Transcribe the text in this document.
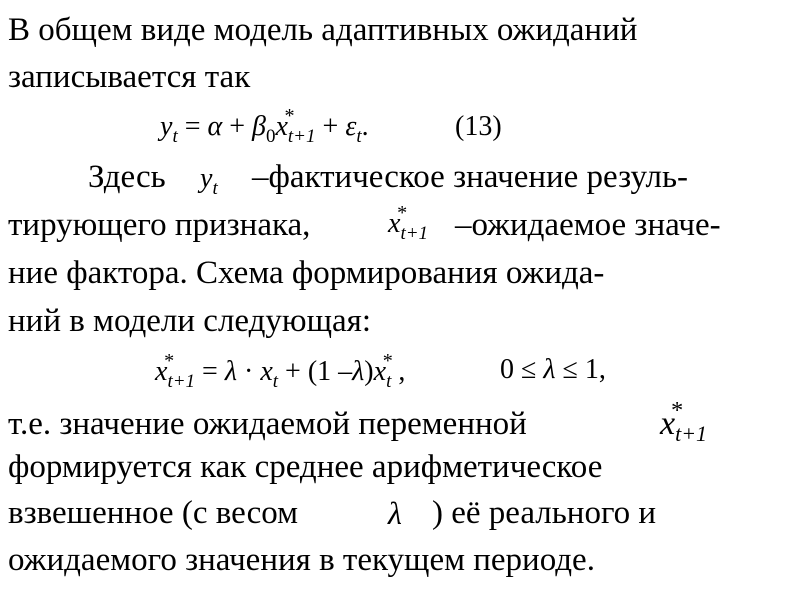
В общем виде модель адаптивных ожиданий
записывается так
$y_t = \alpha + \beta_0x$
*
$_{t+1} + \varepsilon_t$.	(13)
Здесь $y_t$ –фактическое значение резуль-
тирующего признака,	x
*
$_{t+1}$ –ожидаемое значе-
ние фактора. Схема формирования ожида-
ний в модели следующая:
x
*
$_{t+1} = \lambda \cdot x_t + (1$ –λ)x
*
$_t$ ,	0 ≤ λ ≤ 1,
т.е. значение ожидаемой переменной	x
*
$_{t+1}$
формируется как среднее арифметическое
взвешенное (с весом	λ ) её реального и
ожидаемого значения в текущем периоде.
